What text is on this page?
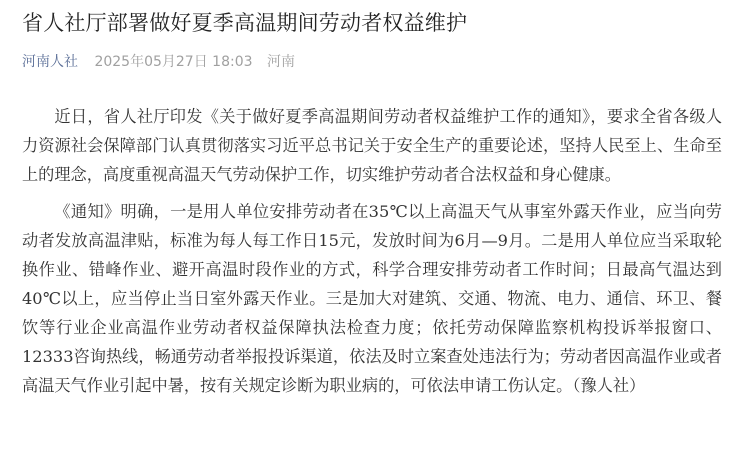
省人社厅部署做好夏季高温期间劳动者权益维护
河南人社 2025年05月27日 18:03 河南

近日，省人社厅印发《关于做好夏季高温期间劳动者权益维护工作的通知》，要求全省各级人力资源社会保障部门认真贯彻落实习近平总书记关于安全生产的重要论述，坚持人民至上、生命至上的理念，高度重视高温天气劳动保护工作，切实维护劳动者合法权益和身心健康。

《通知》明确，一是用人单位安排劳动者在35℃以上高温天气从事室外露天作业，应当向劳动者发放高温津贴，标准为每人每工作日15元，发放时间为6月—9月。二是用人单位应当采取轮换作业、错峰作业、避开高温时段作业的方式，科学合理安排劳动者工作时间；日最高气温达到40℃以上，应当停止当日室外露天作业。三是加大对建筑、交通、物流、电力、通信、环卫、餐饮等行业企业高温作业劳动者权益保障执法检查力度；依托劳动保障监察机构投诉举报窗口、12333咨询热线，畅通劳动者举报投诉渠道，依法及时立案查处违法行为；劳动者因高温作业或者高温天气作业引起中暑，按有关规定诊断为职业病的，可依法申请工伤认定。（豫人社）
